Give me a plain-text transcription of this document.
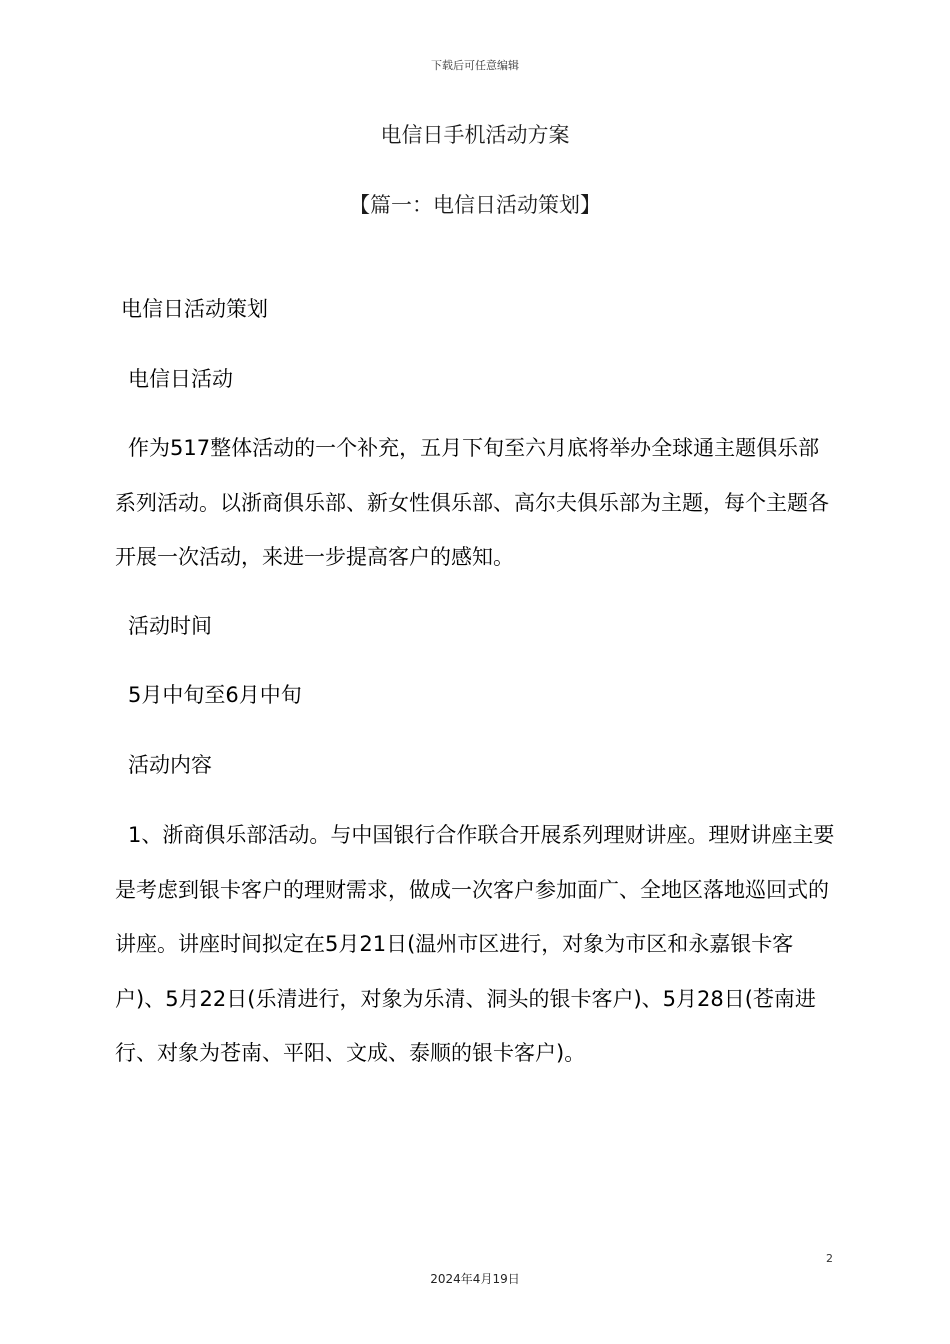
下载后可任意编辑
电信日手机活动方案
【篇一：电信日活动策划】
电信日活动策划
电信日活动
作为517整体活动的一个补充，五月下旬至六月底将举办全球通主题俱乐部系列活动。以浙商俱乐部、新女性俱乐部、高尔夫俱乐部为主题，每个主题各开展一次活动，来进一步提高客户的感知。
活动时间
5月中旬至6月中旬
活动内容
1、浙商俱乐部活动。与中国银行合作联合开展系列理财讲座。理财讲座主要是考虑到银卡客户的理财需求，做成一次客户参加面广、全地区落地巡回式的讲座。讲座时间拟定在5月21日(温州市区进行，对象为市区和永嘉银卡客户)、5月22日(乐清进行，对象为乐清、洞头的银卡客户)、5月28日(苍南进行、对象为苍南、平阳、文成、泰顺的银卡客户)。
2
2024年4月19日
